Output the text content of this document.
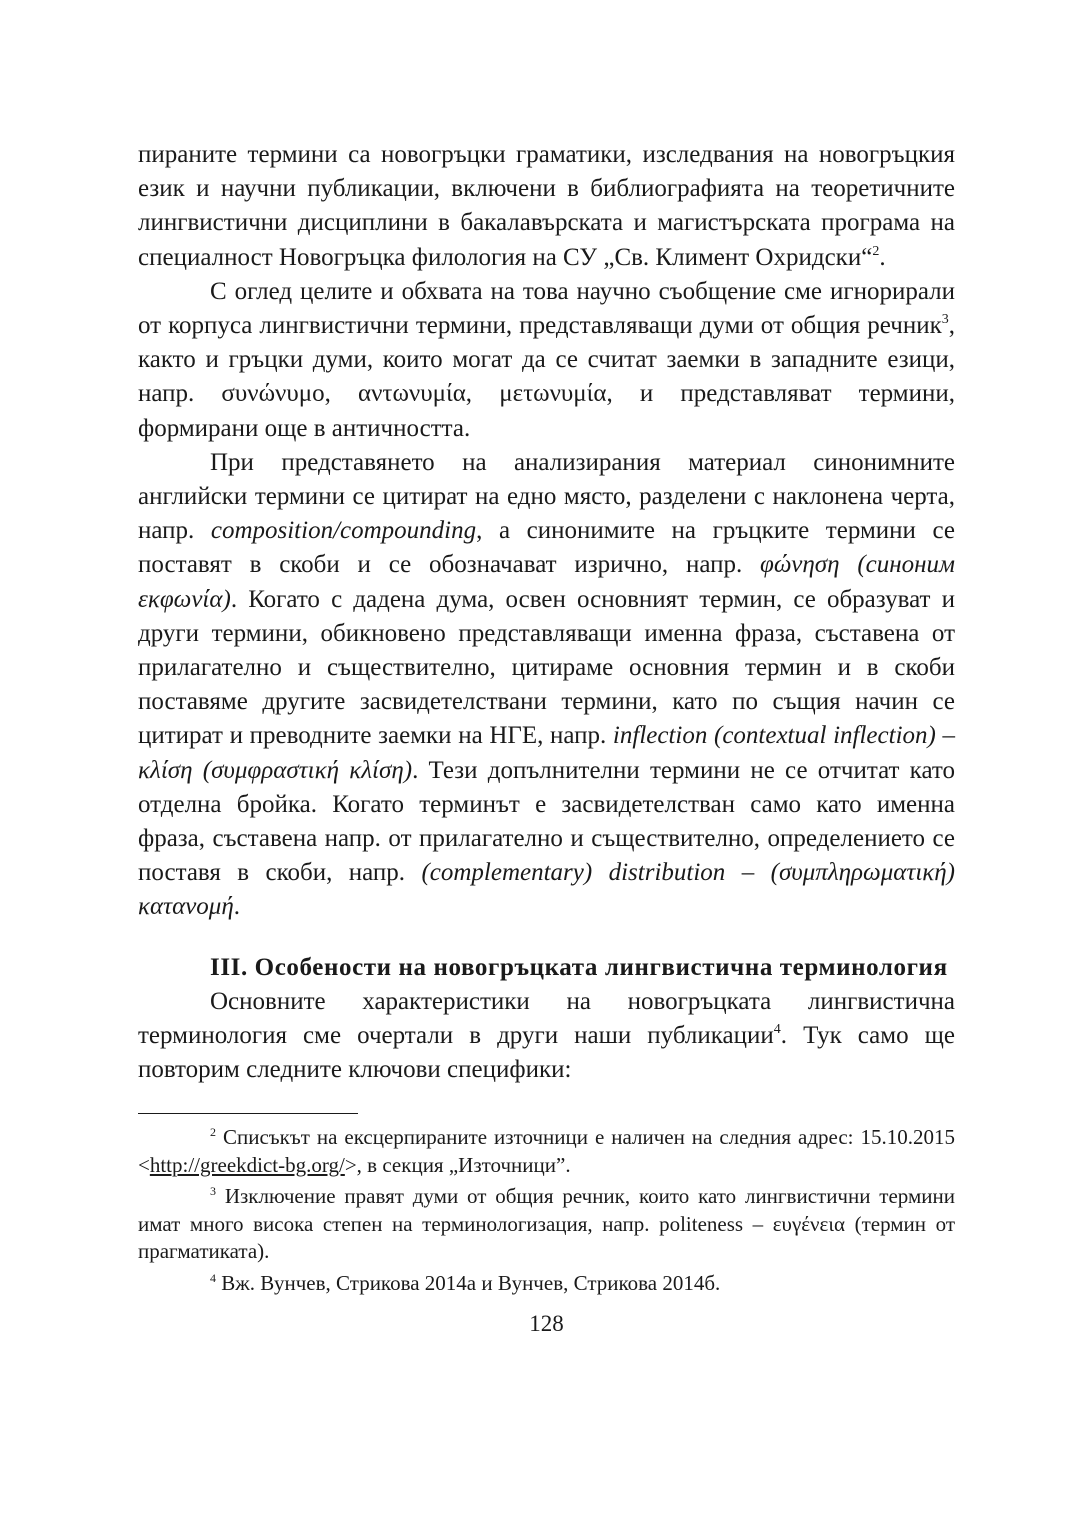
пираните термини са новогръцки граматики, изследвания на новогръцкия език и научни публикации, включени в библиографията на теоретичните лингвистични дисциплини в бакалавърската и магистърската програма на специалност Новогръцка филология на СУ „Св. Климент Охридски“$^2$.

С оглед целите и обхвата на това научно съобщение сме игнорирали от корпуса лингвистични термини, представляващи думи от общия речник$^3$, както и гръцки думи, които могат да се считат заемки в западните езици, напр. συνώνυμο, αντωνυμία, μετωνυμία, и представляват термини, формирани още в античността.

При представянето на анализирания материал синонимните английски термини се цитират на едно място, разделени с наклонена черта, напр. composition/compounding, а синонимите на гръцките термини се поставят в скоби и се обозначават изрично, напр. φώνηση (синоним εκφωνία). Когато с дадена дума, освен основният термин, се образуват и други термини, обикновено представляващи именна фраза, съставена от прилагателно и съществително, цитираме основния термин и в скоби поставяме другите засвидетелствани термини, като по същия начин се цитират и преводните заемки на НГЕ, напр. inflection (contextual inflection) – κλίση (συμφραστική κλίση). Тези допълнителни термини не се отчитат като отделна бройка. Когато терминът е засвидетелстван само като именна фраза, съставена напр. от прилагателно и съществително, определението се поставя в скоби, напр. (complementary) distribution – (συμπληρωματική) κατανομή.

III. Особености на новогръцката лингвистична терминология

Основните характеристики на новогръцката лингвистична терминология сме очертали в други наши публикации$^4$. Тук само ще повторим следните ключови специфики:

$^2$ Списъкът на ексцерпираните източници е наличен на следния адрес: 15.10.2015 <http://greekdict-bg.org/>, в секция „Източници”.

$^3$ Изключение правят думи от общия речник, които като лингвистични термини имат много висока степен на терминологизация, напр. politeness – ευγένεια (термин от прагматиката).

$^4$ Вж. Вунчев, Стрикова 2014а и Вунчев, Стрикова 2014б.

128
